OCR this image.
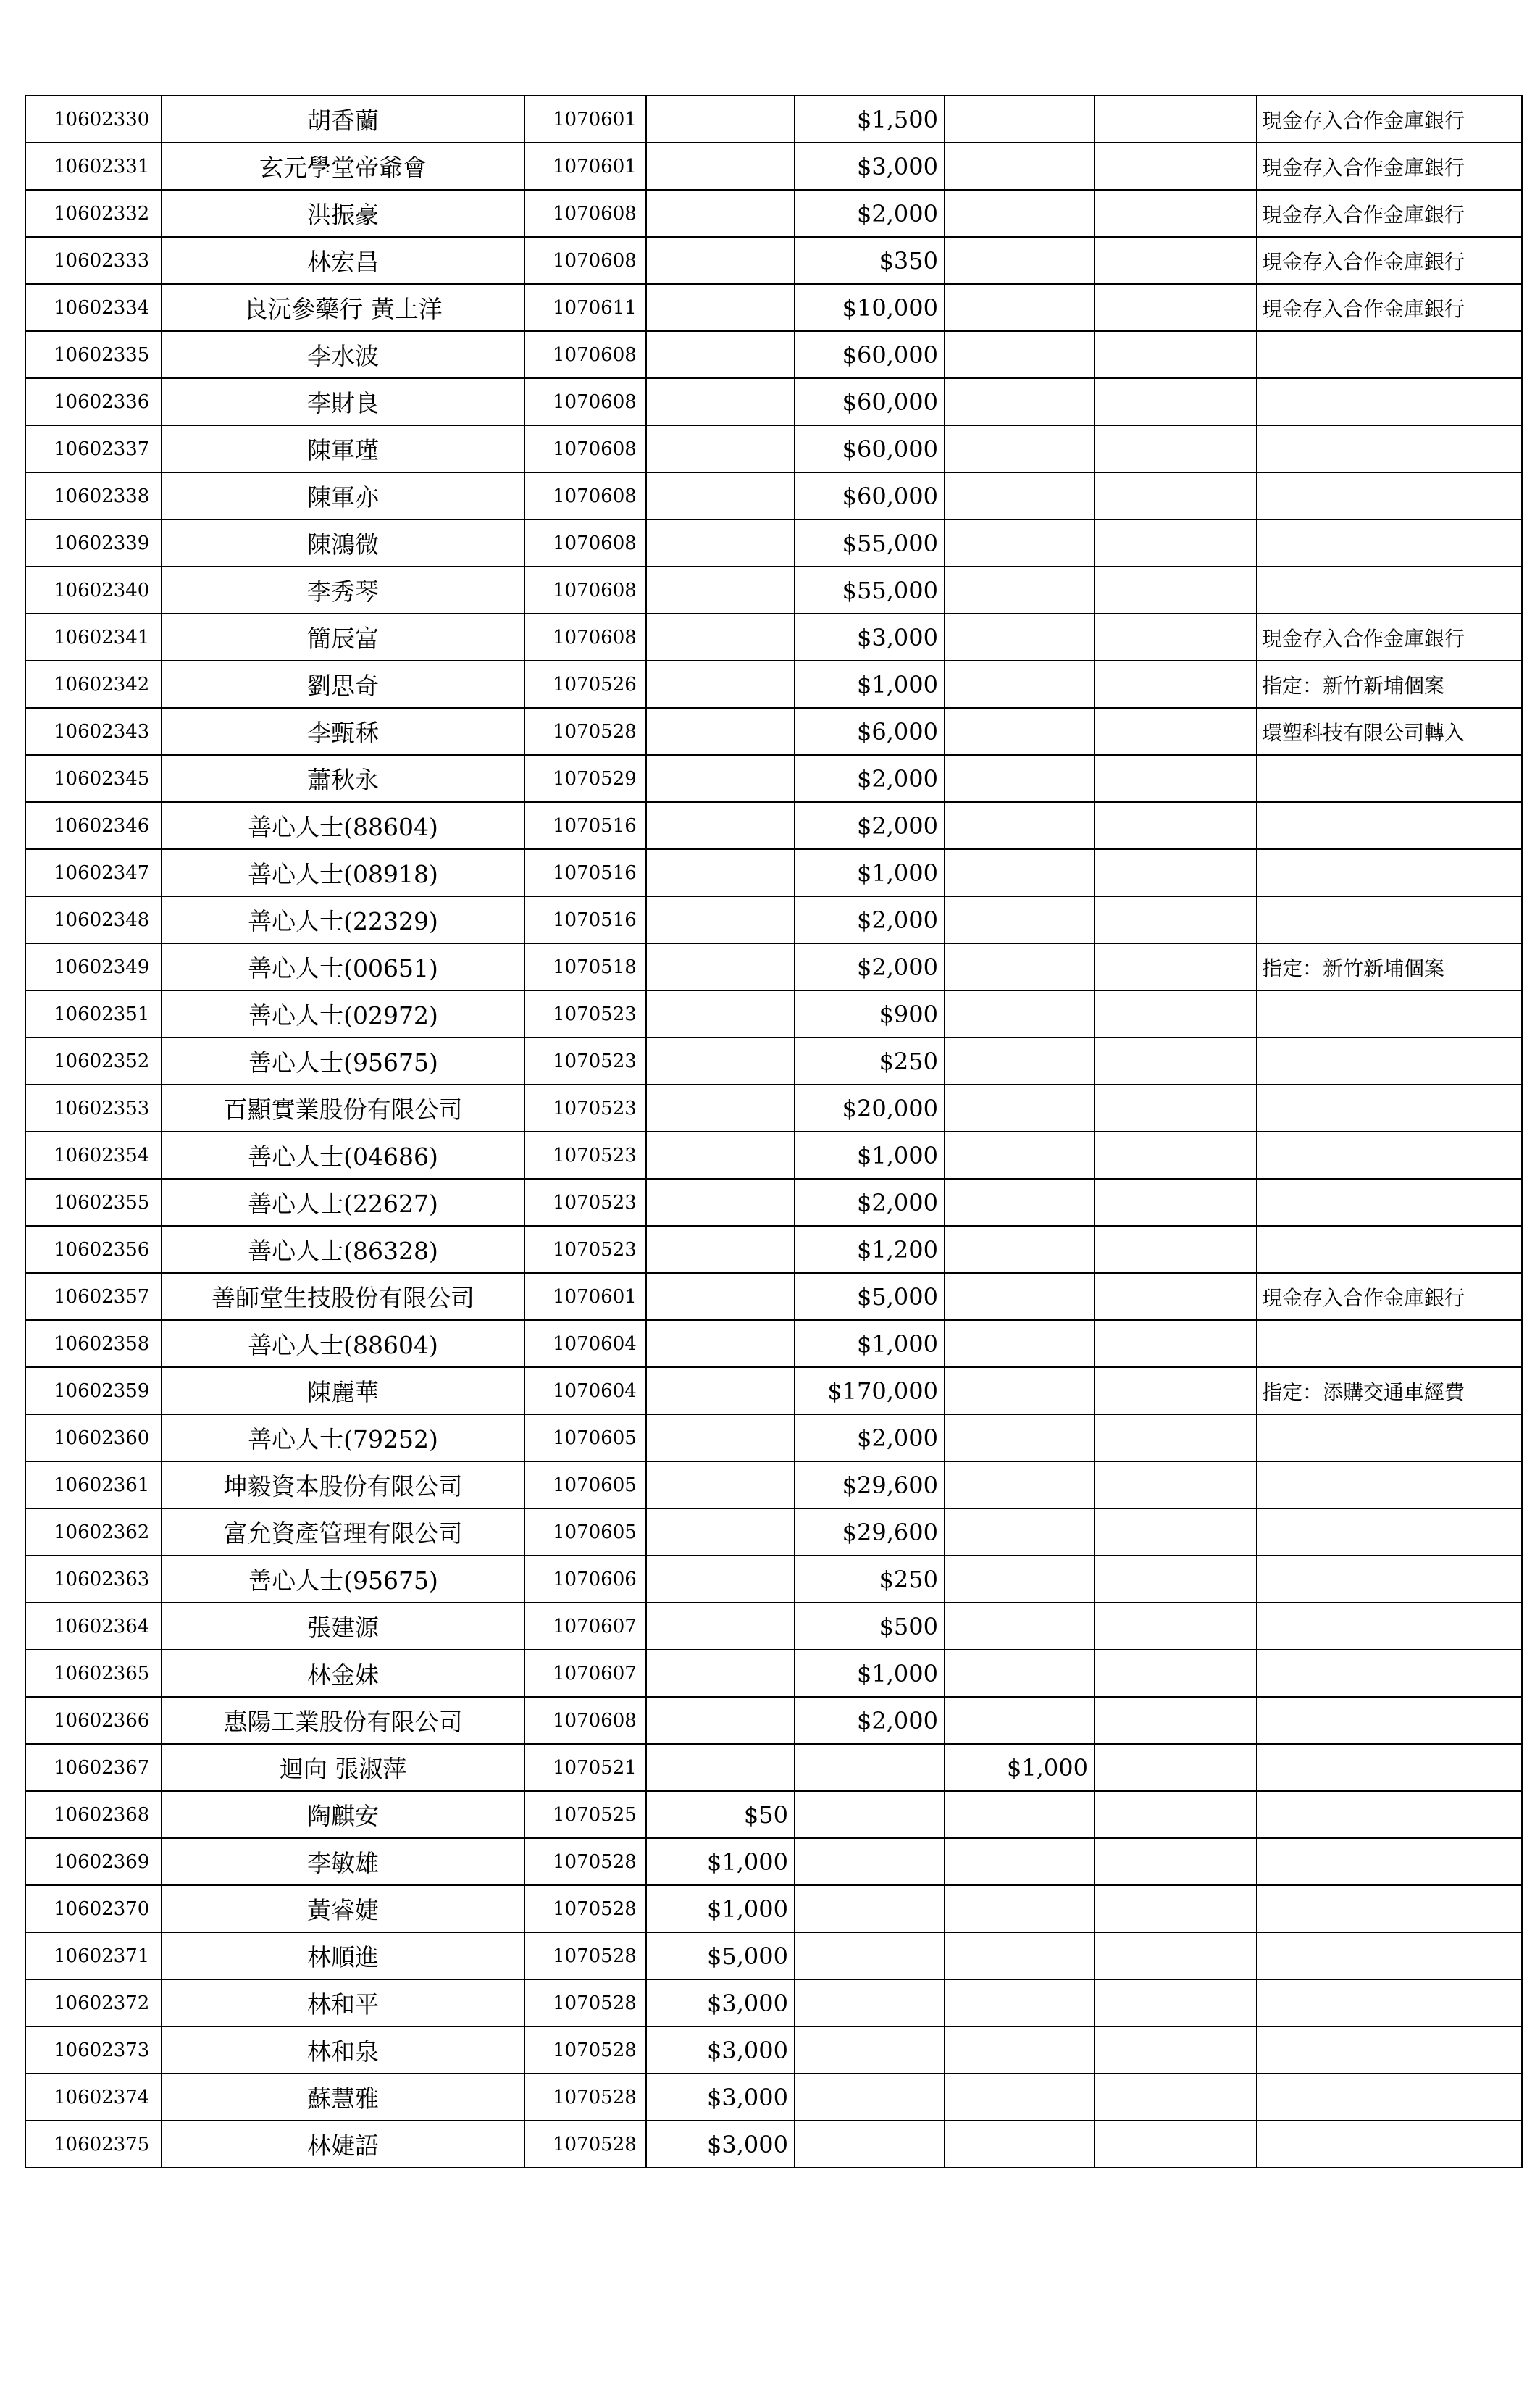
10602330	胡香蘭	1070601		$1,500			現金存入合作金庫銀行
10602331	玄元學堂帝爺會	1070601		$3,000			現金存入合作金庫銀行
10602332	洪振豪	1070608		$2,000			現金存入合作金庫銀行
10602333	林宏昌	1070608		$350			現金存入合作金庫銀行
10602334	良沅參藥行 黃土洋	1070611		$10,000			現金存入合作金庫銀行
10602335	李水波	1070608		$60,000			
10602336	李財良	1070608		$60,000			
10602337	陳軍瑾	1070608		$60,000			
10602338	陳軍亦	1070608		$60,000			
10602339	陳鴻微	1070608		$55,000			
10602340	李秀琴	1070608		$55,000			
10602341	簡辰富	1070608		$3,000			現金存入合作金庫銀行
10602342	劉思奇	1070526		$1,000			指定：新竹新埔個案
10602343	李甄秝	1070528		$6,000			環塑科技有限公司轉入
10602345	蕭秋永	1070529		$2,000			
10602346	善心人士(88604)	1070516		$2,000			
10602347	善心人士(08918)	1070516		$1,000			
10602348	善心人士(22329)	1070516		$2,000			
10602349	善心人士(00651)	1070518		$2,000			指定：新竹新埔個案
10602351	善心人士(02972)	1070523		$900			
10602352	善心人士(95675)	1070523		$250			
10602353	百顯實業股份有限公司	1070523		$20,000			
10602354	善心人士(04686)	1070523		$1,000			
10602355	善心人士(22627)	1070523		$2,000			
10602356	善心人士(86328)	1070523		$1,200			
10602357	善師堂生技股份有限公司	1070601		$5,000			現金存入合作金庫銀行
10602358	善心人士(88604)	1070604		$1,000			
10602359	陳麗華	1070604		$170,000			指定：添購交通車經費
10602360	善心人士(79252)	1070605		$2,000			
10602361	坤毅資本股份有限公司	1070605		$29,600			
10602362	富允資產管理有限公司	1070605		$29,600			
10602363	善心人士(95675)	1070606		$250			
10602364	張建源	1070607		$500			
10602365	林金妹	1070607		$1,000			
10602366	惠陽工業股份有限公司	1070608		$2,000			
10602367	迴向 張淑萍	1070521			$1,000		
10602368	陶麒安	1070525	$50				
10602369	李敏雄	1070528	$1,000				
10602370	黃睿婕	1070528	$1,000				
10602371	林順進	1070528	$5,000				
10602372	林和平	1070528	$3,000				
10602373	林和泉	1070528	$3,000				
10602374	蘇慧雅	1070528	$3,000				
10602375	林婕語	1070528	$3,000				
